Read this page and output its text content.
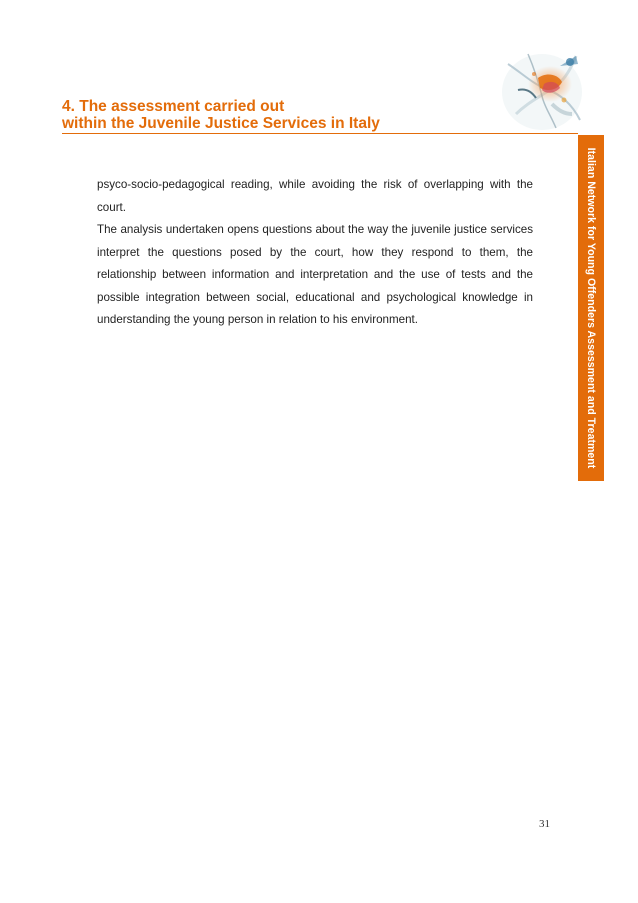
4. The assessment carried out
within the Juvenile Justice Services in Italy
Italian Network for Young Offenders Assessment and Treatment

psyco-socio-pedagogical reading, while avoiding the risk of overlapping with the court.

The analysis undertaken opens questions about the way the juvenile justice services interpret the questions posed by the court, how they respond to them, the relationship between information and interpretation and the use of tests and the possible integration between social, educational and psychological knowledge in understanding the young person in relation to his environment.

31
